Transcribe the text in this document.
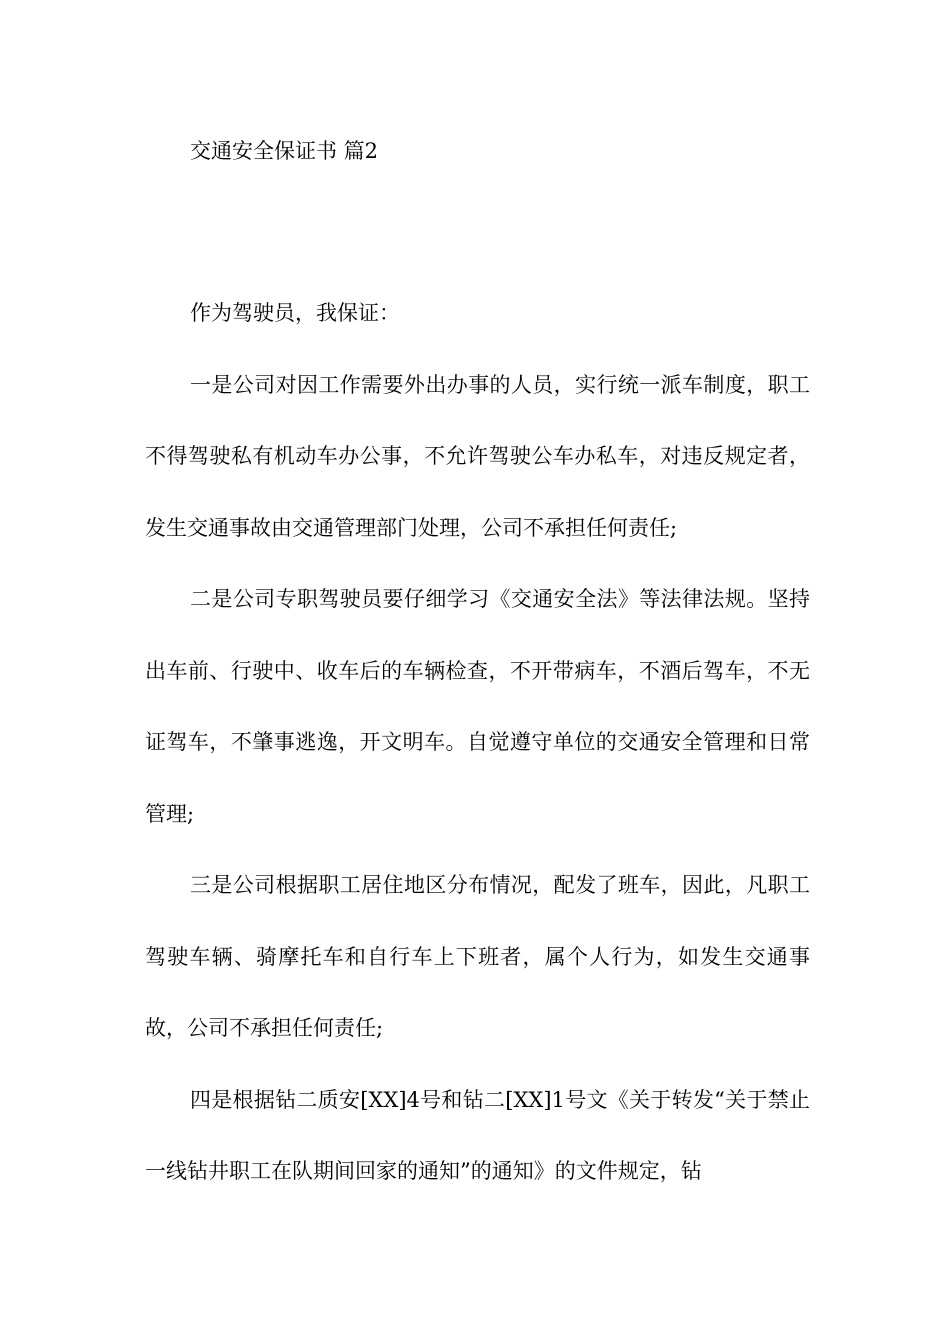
交通安全保证书 篇2

作为驾驶员，我保证：

一是公司对因工作需要外出办事的人员，实行统一派车制度，职工不得驾驶私有机动车办公事，不允许驾驶公车办私车，对违反规定者，发生交通事故由交通管理部门处理，公司不承担任何责任;

二是公司专职驾驶员要仔细学习《交通安全法》等法律法规。坚持出车前、行驶中、收车后的车辆检查，不开带病车，不酒后驾车，不无证驾车，不肇事逃逸，开文明车。自觉遵守单位的交通安全管理和日常管理;

三是公司根据职工居住地区分布情况，配发了班车，因此，凡职工驾驶车辆、骑摩托车和自行车上下班者，属个人行为，如发生交通事故，公司不承担任何责任;

四是根据钻二质安[XX]4号和钻二[XX]1号文《关于转发“关于禁止一线钻井职工在队期间回家的通知”的通知》的文件规定，钻
